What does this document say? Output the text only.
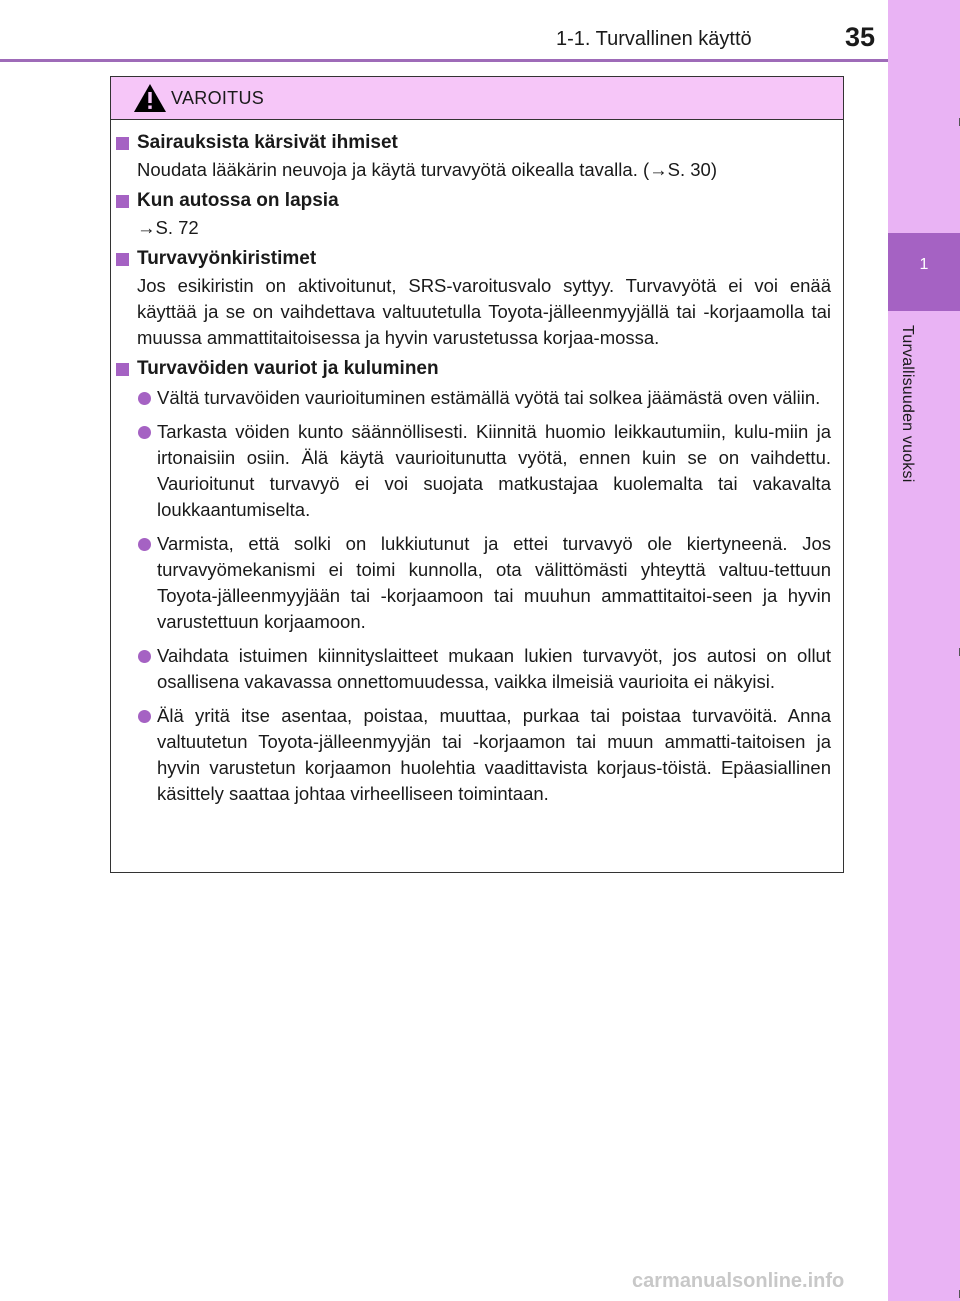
1
Turvallisuuden vuoksi
1-1. Turvallinen käyttö	35
VAROITUS
Sairauksista kärsivät ihmiset
Noudata lääkärin neuvoja ja käytä turvavyötä oikealla tavalla. (→S. 30)
Kun autossa on lapsia
→S. 72
Turvavyönkiristimet
Jos esikiristin on aktivoitunut, SRS-varoitusvalo syttyy. Turvavyötä ei voi enää käyttää ja se on vaihdettava valtuutetulla Toyota-jälleenmyyjällä tai -korjaamolla tai muussa ammattitaitoisessa ja hyvin varustetussa korjaa-mossa.
Turvavöiden vauriot ja kuluminen
Vältä turvavöiden vaurioituminen estämällä vyötä tai solkea jäämästä oven väliin.
Tarkasta vöiden kunto säännöllisesti. Kiinnitä huomio leikkautumiin, kulu-miin ja irtonaisiin osiin. Älä käytä vaurioitunutta vyötä, ennen kuin se on vaihdettu. Vaurioitunut turvavyö ei voi suojata matkustajaa kuolemalta tai vakavalta loukkaantumiselta.
Varmista, että solki on lukkiutunut ja ettei turvavyö ole kiertyneenä. Jos turvavyömekanismi ei toimi kunnolla, ota välittömästi yhteyttä valtuu-tettuun Toyota-jälleenmyyjään tai -korjaamoon tai muuhun ammattitaitoi-seen ja hyvin varustettuun korjaamoon.
Vaihdata istuimen kiinnityslaitteet mukaan lukien turvavyöt, jos autosi on ollut osallisena vakavassa onnettomuudessa, vaikka ilmeisiä vaurioita ei näkyisi.
Älä yritä itse asentaa, poistaa, muuttaa, purkaa tai poistaa turvavöitä. Anna valtuutetun Toyota-jälleenmyyjän tai -korjaamon tai muun ammatti-taitoisen ja hyvin varustetun korjaamon huolehtia vaadittavista korjaus-töistä. Epäasiallinen käsittely saattaa johtaa virheelliseen toimintaan.
carmanualsonline.info
